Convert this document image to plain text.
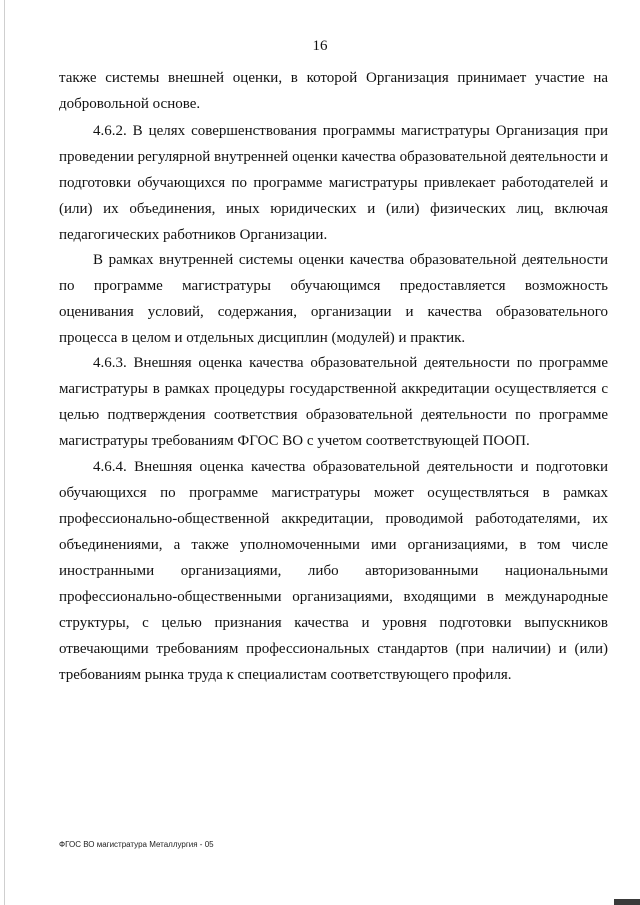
16

также системы внешней оценки, в которой Организация принимает участие на добровольной основе.

4.6.2. В целях совершенствования программы магистратуры Организация при проведении регулярной внутренней оценки качества образовательной деятельности и подготовки обучающихся по программе магистратуры привлекает работодателей и (или) их объединения, иных юридических и (или) физических лиц, включая педагогических работников Организации.

В рамках внутренней системы оценки качества образовательной деятельности по программе магистратуры обучающимся предоставляется возможность оценивания условий, содержания, организации и качества образовательного процесса в целом и отдельных дисциплин (модулей) и практик.

4.6.3. Внешняя оценка качества образовательной деятельности по программе магистратуры в рамках процедуры государственной аккредитации осуществляется с целью подтверждения соответствия образовательной деятельности по программе магистратуры требованиям ФГОС ВО с учетом соответствующей ПООП.

4.6.4. Внешняя оценка качества образовательной деятельности и подготовки обучающихся по программе магистратуры может осуществляться в рамках профессионально-общественной аккредитации, проводимой работодателями, их объединениями, а также уполномоченными ими организациями, в том числе иностранными организациями, либо авторизованными национальными профессионально-общественными организациями, входящими в международные структуры, с целью признания качества и уровня подготовки выпускников отвечающими требованиям профессиональных стандартов (при наличии) и (или) требованиям рынка труда к специалистам соответствующего профиля.

ФГОС ВО магистратура Металлургия - 05
